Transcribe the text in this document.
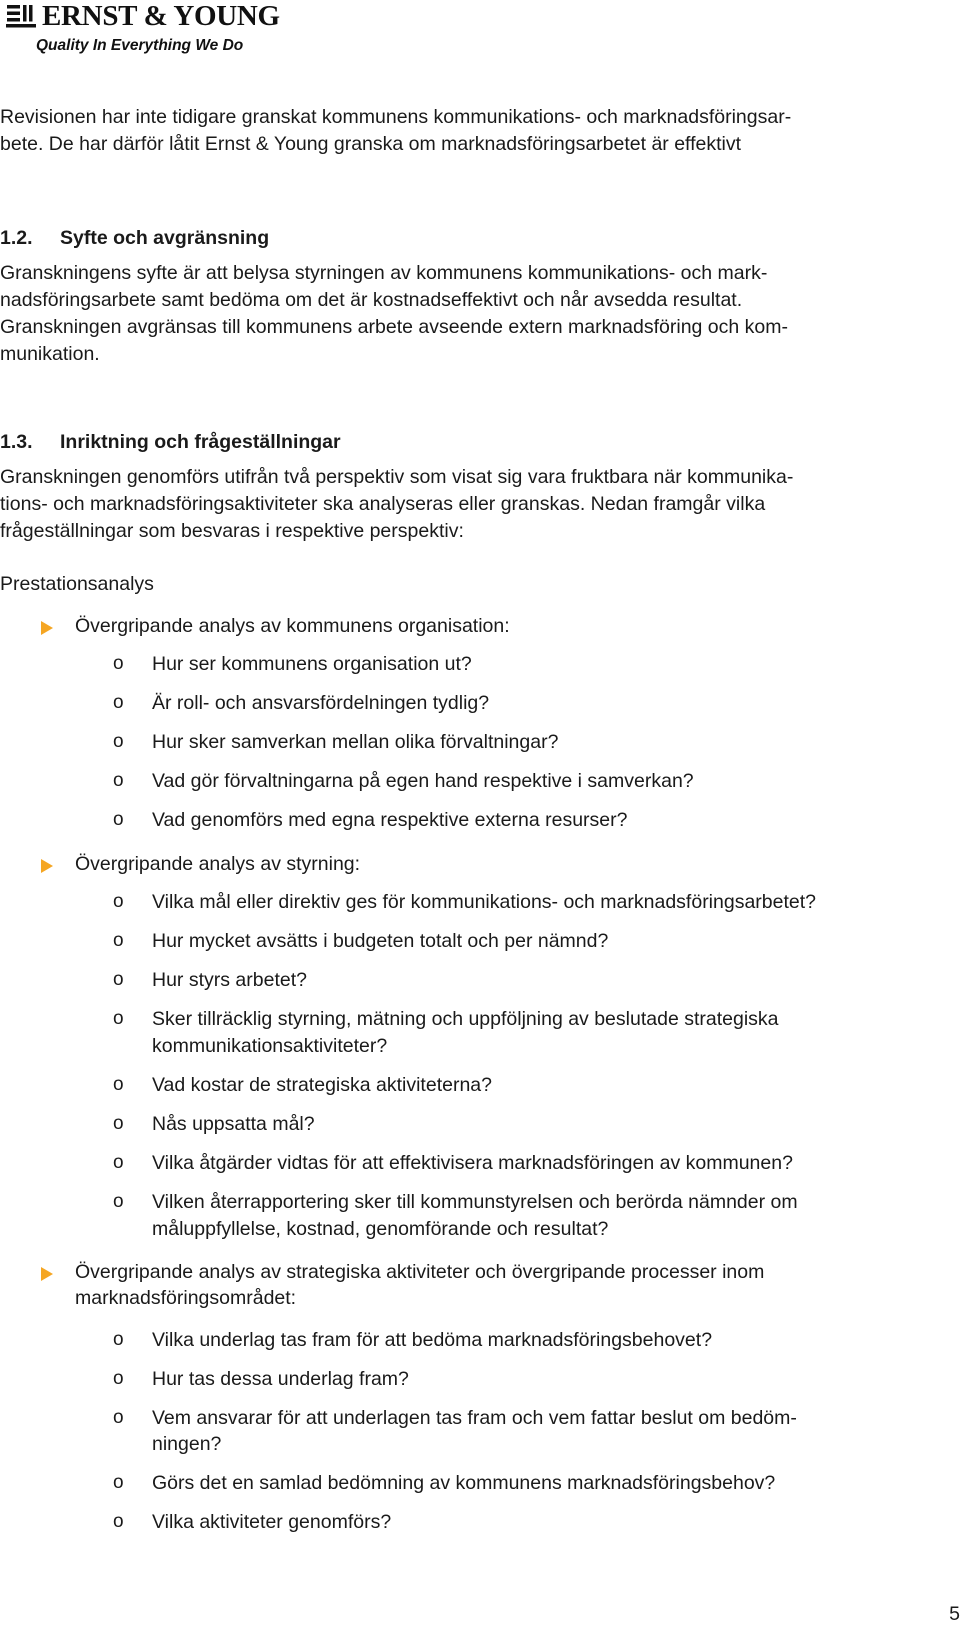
ERNST & YOUNG
Quality In Everything We Do
Revisionen har inte tidigare granskat kommunens kommunikations- och marknadsföringsar-
bete. De har därför låtit Ernst & Young granska om marknadsföringsarbetet är effektivt
1.2. Syfte och avgränsning
Granskningens syfte är att belysa styrningen av kommunens kommunikations- och mark-
nadsföringsarbete samt bedöma om det är kostnadseffektivt och når avsedda resultat.
Granskningen avgränsas till kommunens arbete avseende extern marknadsföring och kom-
munikation.
1.3. Inriktning och frågeställningar
Granskningen genomförs utifrån två perspektiv som visat sig vara fruktbara när kommunika-
tions- och marknadsföringsaktiviteter ska analyseras eller granskas. Nedan framgår vilka
frågeställningar som besvaras i respektive perspektiv:
Prestationsanalys
Övergripande analys av kommunens organisation:
o Hur ser kommunens organisation ut?
o Är roll- och ansvarsfördelningen tydlig?
o Hur sker samverkan mellan olika förvaltningar?
o Vad gör förvaltningarna på egen hand respektive i samverkan?
o Vad genomförs med egna respektive externa resurser?
Övergripande analys av styrning:
o Vilka mål eller direktiv ges för kommunikations- och marknadsföringsarbetet?
o Hur mycket avsätts i budgeten totalt och per nämnd?
o Hur styrs arbetet?
o Sker tillräcklig styrning, mätning och uppföljning av beslutade strategiska
kommunikationsaktiviteter?
o Vad kostar de strategiska aktiviteterna?
o Nås uppsatta mål?
o Vilka åtgärder vidtas för att effektivisera marknadsföringen av kommunen?
o Vilken återrapportering sker till kommunstyrelsen och berörda nämnder om
måluppfyllelse, kostnad, genomförande och resultat?
Övergripande analys av strategiska aktiviteter och övergripande processer inom
marknadsföringsområdet:
o Vilka underlag tas fram för att bedöma marknadsföringsbehovet?
o Hur tas dessa underlag fram?
o Vem ansvarar för att underlagen tas fram och vem fattar beslut om bedöm-
ningen?
o Görs det en samlad bedömning av kommunens marknadsföringsbehov?
o Vilka aktiviteter genomförs?
5
